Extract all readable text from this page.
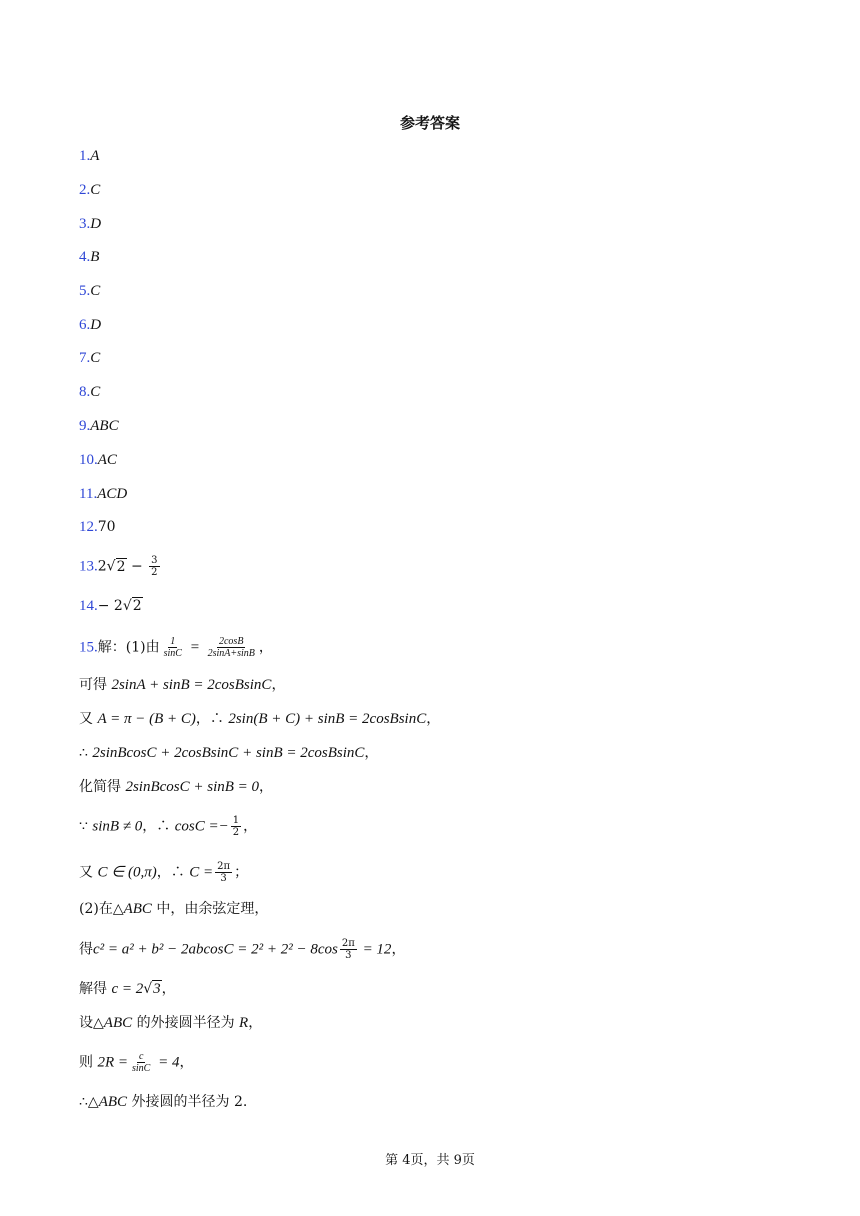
参考答案
1.A
2.C
3.D
4.B
5.C
6.D
7.C
8.C
9.ABC
10.AC
11.ACD
12.70
$13.2√2 - \frac{3}{2}$
14.− 2√2
15.解：(1)由 $\frac{1}{\sin C} = \frac{2\cos B}{2\sin A+\sin B}$ ，
可得 2sinA + sinB = 2cosBsinC，
又 A = π − (B + C)，∴ 2sin(B + C) + sinB = 2cosBsinC，
∴ 2sinBcosC + 2cosBsinC + sinB = 2cosBsinC，
化简得 2sinBcosC + sinB = 0，
∵ sinB ≠ 0，∴ $\cos C =- \frac{1}{2}$ ，
又 C ∈ (0,π)，∴ $C = \frac{2\pi}{3}$ ；
(2)在△ABC 中，由余弦定理，
得$c^2 = a^2 + b^2 - 2abcosC = 2^2 + 2^2 - 8\cos \frac{2\pi}{3} = 12$，
解得 c = 2√3，
设△ABC 的外接圆半径为 R，
则 $2R = \frac{c}{\sin C} = 4$，
∴△ABC 外接圆的半径为 2.
第 4页，共 9页
